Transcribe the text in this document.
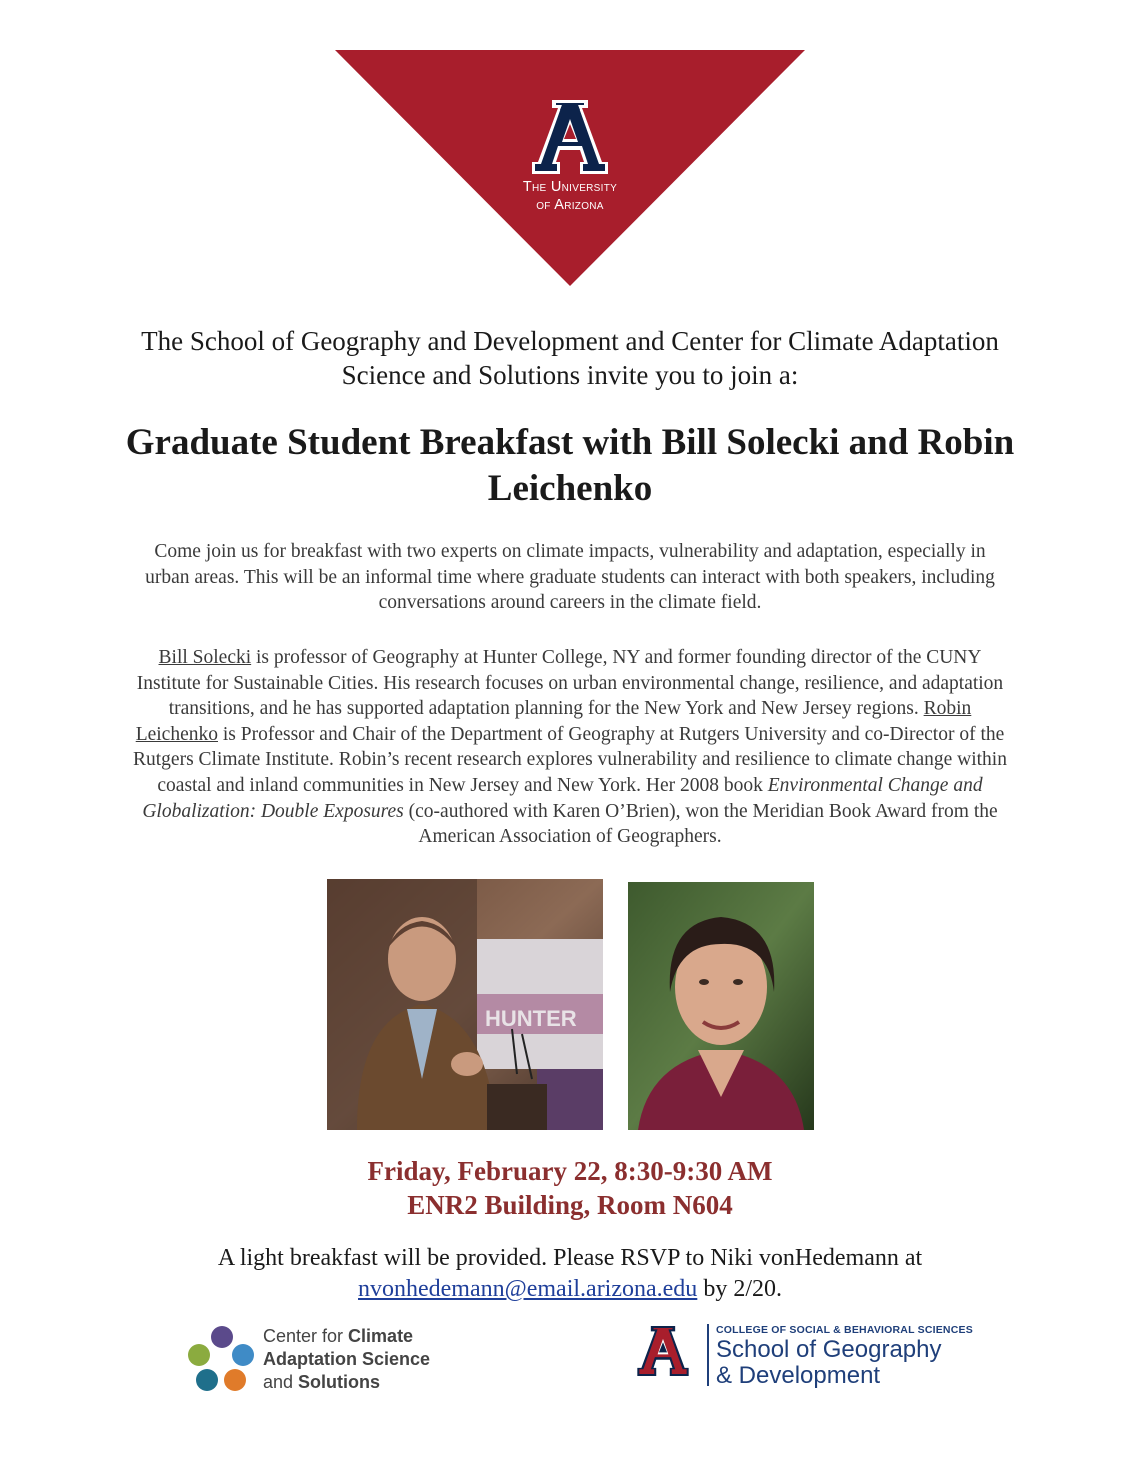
The University
of Arizona
The School of Geography and Development and Center for Climate Adaptation
Science and Solutions invite you to join a:
Graduate Student Breakfast with Bill Solecki and Robin
Leichenko
Come join us for breakfast with two experts on climate impacts, vulnerability and adaptation, especially in
urban areas. This will be an informal time where graduate students can interact with both speakers, including
conversations around careers in the climate field.
Bill Solecki is professor of Geography at Hunter College, NY and former founding director of the CUNY
Institute for Sustainable Cities. His research focuses on urban environmental change, resilience, and adaptation
transitions, and he has supported adaptation planning for the New York and New Jersey regions. Robin
Leichenko is Professor and Chair of the Department of Geography at Rutgers University and co-Director of the
Rutgers Climate Institute. Robin’s recent research explores vulnerability and resilience to climate change within
coastal and inland communities in New Jersey and New York. Her 2008 book Environmental Change and
Globalization: Double Exposures (co-authored with Karen O’Brien), won the Meridian Book Award from the
American Association of Geographers.
HUNTER
Friday, February 22, 8:30-9:30 AM
ENR2 Building, Room N604
A light breakfast will be provided. Please RSVP to Niki vonHedemann at
nvonhedemann@email.arizona.edu by 2/20.
Center for Climate
Adaptation Science
and Solutions
COLLEGE OF SOCIAL & BEHAVIORAL SCIENCES
School of Geography
& Development
